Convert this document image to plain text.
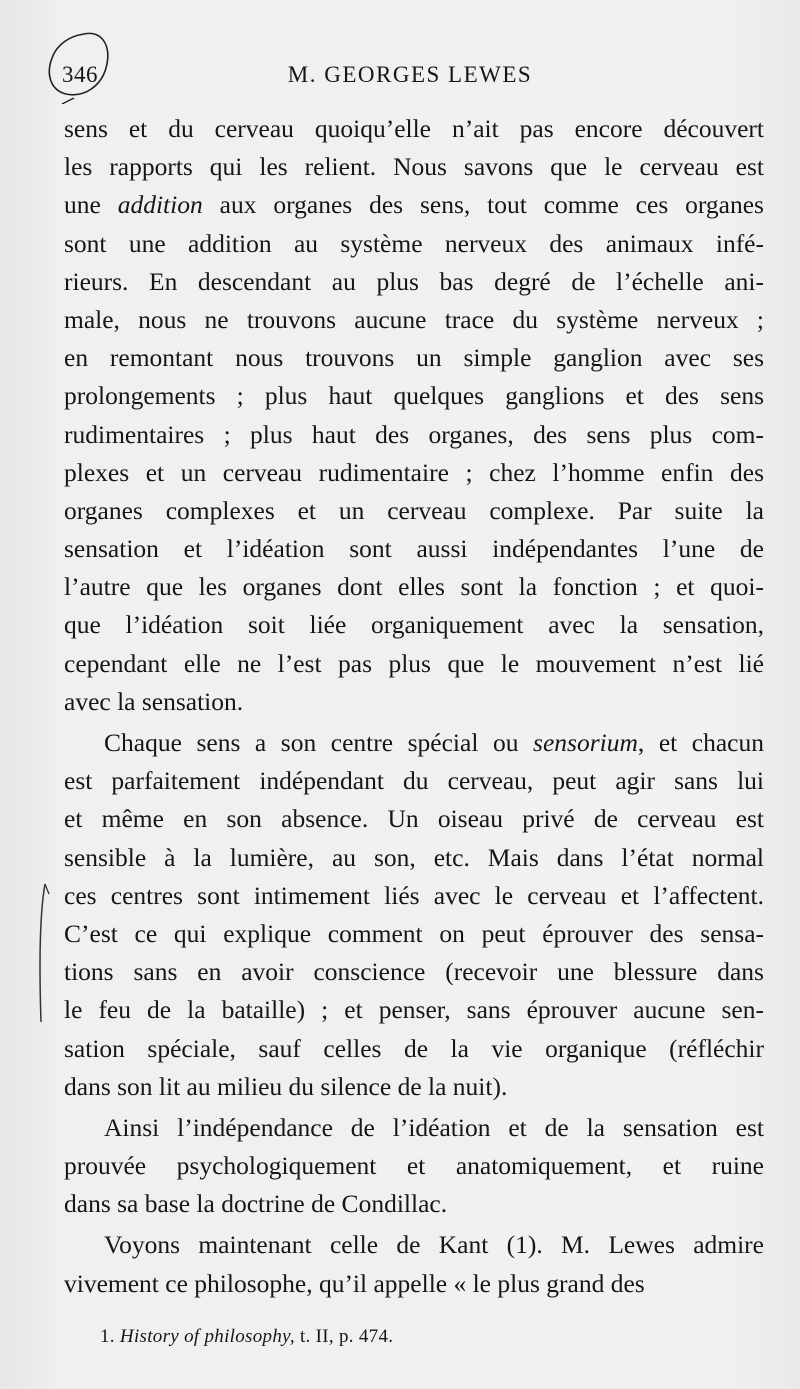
346	M. GEORGES LEWES
sens et du cerveau quoiqu’elle n’ait pas encore découvert
les rapports qui les relient. Nous savons que le cerveau est
une addition aux organes des sens, tout comme ces organes
sont une addition au système nerveux des animaux infé-
rieurs. En descendant au plus bas degré de l’échelle ani-
male, nous ne trouvons aucune trace du système nerveux ;
en remontant nous trouvons un simple ganglion avec ses
prolongements ; plus haut quelques ganglions et des sens
rudimentaires ; plus haut des organes, des sens plus com-
plexes et un cerveau rudimentaire ; chez l’homme enfin des
organes complexes et un cerveau complexe. Par suite la
sensation et l’idéation sont aussi indépendantes l’une de
l’autre que les organes dont elles sont la fonction ; et quoi-
que l’idéation soit liée organiquement avec la sensation,
cependant elle ne l’est pas plus que le mouvement n’est lié
avec la sensation.
Chaque sens a son centre spécial ou sensorium, et chacun
est parfaitement indépendant du cerveau, peut agir sans lui
et même en son absence. Un oiseau privé de cerveau est
sensible à la lumière, au son, etc. Mais dans l’état normal
ces centres sont intimement liés avec le cerveau et l’affectent.
C’est ce qui explique comment on peut éprouver des sensa-
tions sans en avoir conscience (recevoir une blessure dans
le feu de la bataille) ; et penser, sans éprouver aucune sen-
sation spéciale, sauf celles de la vie organique (réfléchir
dans son lit au milieu du silence de la nuit).
Ainsi l’indépendance de l’idéation et de la sensation est
prouvée psychologiquement et anatomiquement, et ruine
dans sa base la doctrine de Condillac.
Voyons maintenant celle de Kant (1). M. Lewes admire
vivement ce philosophe, qu’il appelle « le plus grand des
1. History of philosophy, t. II, p. 474.
